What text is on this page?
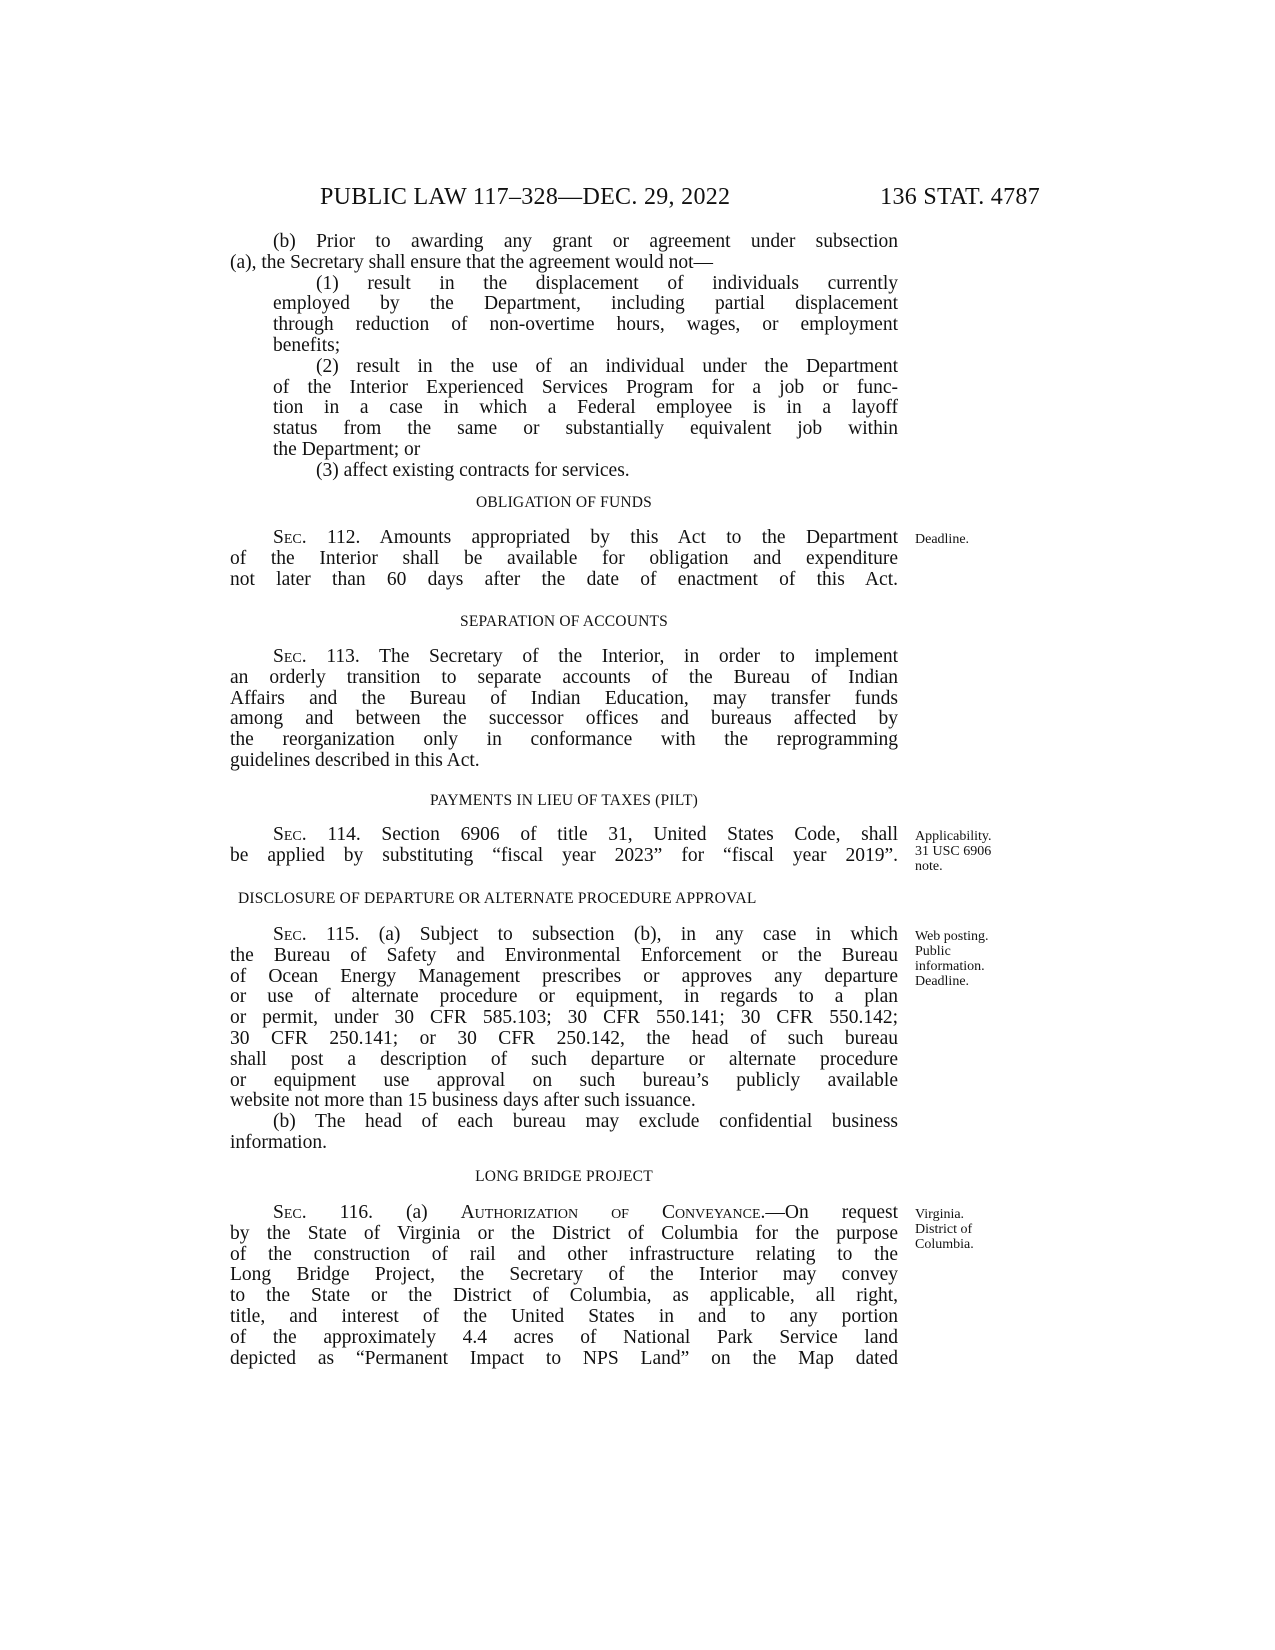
PUBLIC LAW 117–328—DEC. 29, 2022	136 STAT. 4787
(b) Prior to awarding any grant or agreement under subsection
(a), the Secretary shall ensure that the agreement would not—
(1) result in the displacement of individuals currently
employed by the Department, including partial displacement
through reduction of non-overtime hours, wages, or employment
benefits;
(2) result in the use of an individual under the Department
of the Interior Experienced Services Program for a job or func-
tion in a case in which a Federal employee is in a layoff
status from the same or substantially equivalent job within
the Department; or
(3) affect existing contracts for services.
OBLIGATION OF FUNDS
Sec. 112. Amounts appropriated by this Act to the Department
of the Interior shall be available for obligation and expenditure
not later than 60 days after the date of enactment of this Act.
Deadline.
SEPARATION OF ACCOUNTS
Sec. 113. The Secretary of the Interior, in order to implement
an orderly transition to separate accounts of the Bureau of Indian
Affairs and the Bureau of Indian Education, may transfer funds
among and between the successor offices and bureaus affected by
the reorganization only in conformance with the reprogramming
guidelines described in this Act.
PAYMENTS IN LIEU OF TAXES (PILT)
Sec. 114. Section 6906 of title 31, United States Code, shall
be applied by substituting “fiscal year 2023” for “fiscal year 2019”.
Applicability.
31 USC 6906
note.
DISCLOSURE OF DEPARTURE OR ALTERNATE PROCEDURE APPROVAL
Sec. 115. (a) Subject to subsection (b), in any case in which
the Bureau of Safety and Environmental Enforcement or the Bureau
of Ocean Energy Management prescribes or approves any departure
or use of alternate procedure or equipment, in regards to a plan
or permit, under 30 CFR 585.103; 30 CFR 550.141; 30 CFR 550.142;
30 CFR 250.141; or 30 CFR 250.142, the head of such bureau
shall post a description of such departure or alternate procedure
or equipment use approval on such bureau’s publicly available
website not more than 15 business days after such issuance.
(b) The head of each bureau may exclude confidential business
information.
Web posting.
Public
information.
Deadline.
LONG BRIDGE PROJECT
Sec. 116. (a) Authorization of Conveyance.—On request
by the State of Virginia or the District of Columbia for the purpose
of the construction of rail and other infrastructure relating to the
Long Bridge Project, the Secretary of the Interior may convey
to the State or the District of Columbia, as applicable, all right,
title, and interest of the United States in and to any portion
of the approximately 4.4 acres of National Park Service land
depicted as “Permanent Impact to NPS Land” on the Map dated
Virginia.
District of
Columbia.
